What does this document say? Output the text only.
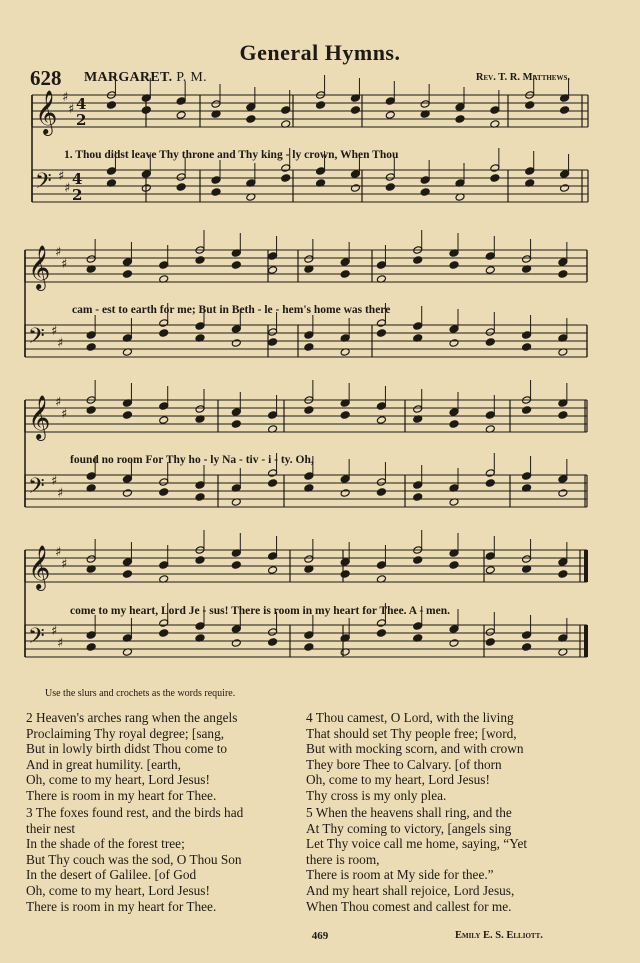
General Hymns.
628 MARGARET. P. M.	Rev. T. R. Matthews.
𝄞 ♯
♯ 4
2
𝄢 ♯
♯
4
2
𝄞 ♯
♯
𝄢 ♯
♯
𝄞 ♯
♯
𝄢 ♯
♯
𝄞 ♯
♯
𝄢 ♯
♯
1. Thou didst leave Thy throne and Thy king - ly crown, When Thou
cam - est to earth for me; But in Beth - le - hem's home was there
found no room For Thy ho - ly Na - tiv - i - ty. Oh,
come to my heart, Lord Je - sus! There is room in my heart for Thee. A - men.
Use the slurs and crochets as the words require.
2 Heaven's arches rang when the angels
Proclaiming Thy royal degree; [sang,
But in lowly birth didst Thou come to
And in great humility. [earth,
Oh, come to my heart, Lord Jesus!
There is room in my heart for Thee.
4 Thou camest, O Lord, with the living
That should set Thy people free; [word,
But with mocking scorn, and with crown
They bore Thee to Calvary. [of thorn
Oh, come to my heart, Lord Jesus!
Thy cross is my only plea.
3 The foxes found rest, and the birds had
their nest
In the shade of the forest tree;
But Thy couch was the sod, O Thou Son
In the desert of Galilee. [of God
Oh, come to my heart, Lord Jesus!
There is room in my heart for Thee.
5 When the heavens shall ring, and the
At Thy coming to victory, [angels sing
Let Thy voice call me home, saying, “Yet
there is room,
There is room at My side for thee.”
And my heart shall rejoice, Lord Jesus,
When Thou comest and callest for me.
469	Emily E. S. Elliott.
